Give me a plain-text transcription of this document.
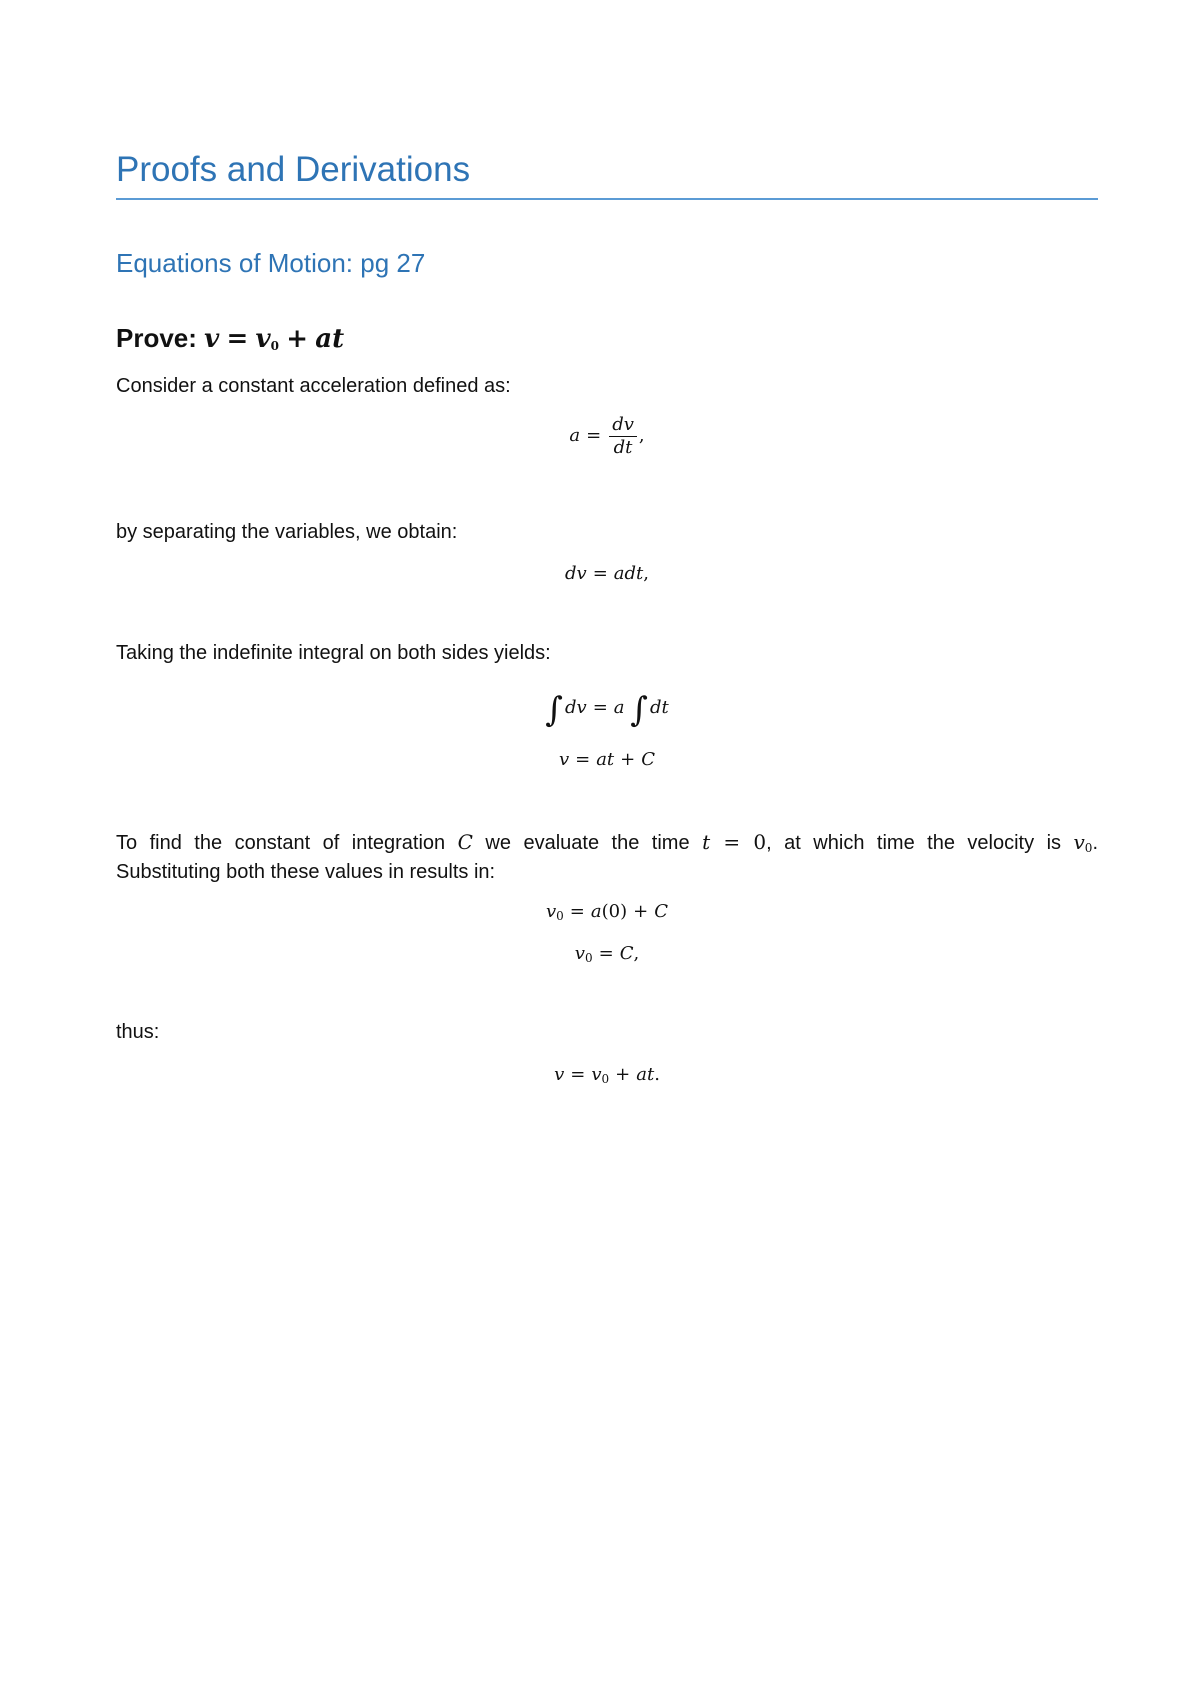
Proofs and Derivations
Equations of Motion: pg 27
Prove: $v = v_0$ + at
Consider a constant acceleration defined as:
$a = \frac{dv}{dt}$ ,
by separating the variables, we obtain:
dv = adt,
Taking the indefinite integral on both sides yields:
∫ dv = a ∫ dt
v = at + C
To find the constant of integration C we evaluate the time t = 0, at which time the velocity is $v_0$.
Substituting both these values in results in:
$v_0 = a(0) + C$
$v_0 = C$,
thus:
$v = v_0$ + at.
